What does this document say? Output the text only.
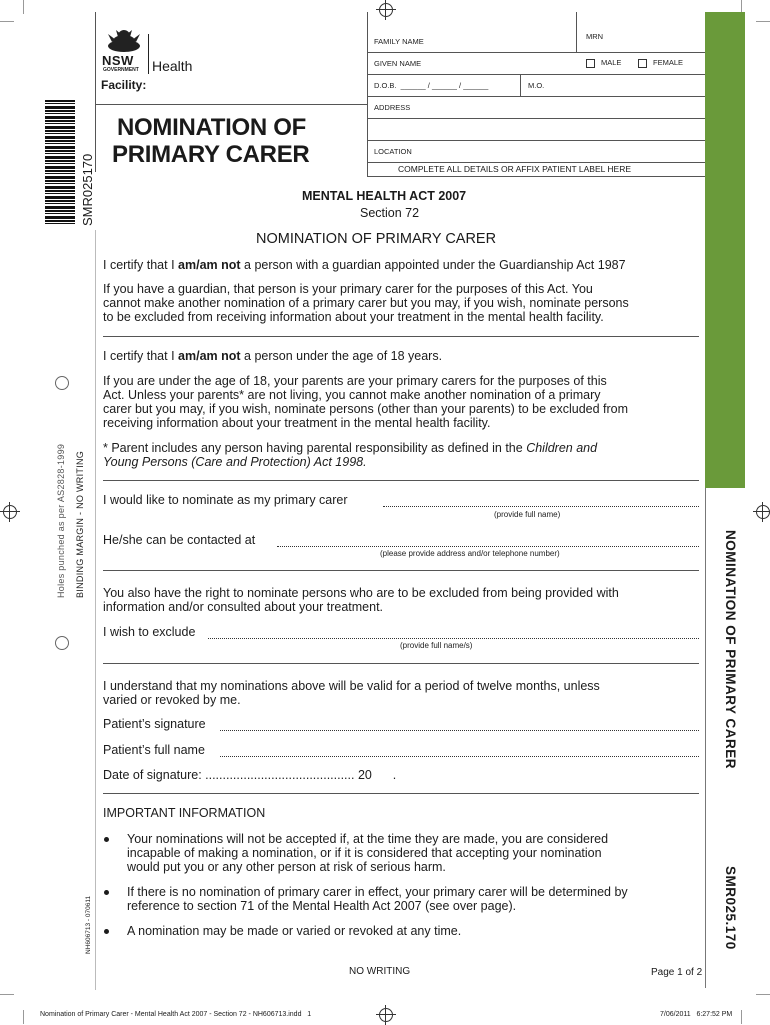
NOMINATION OF PRIMARY CARER
SMR025.170
NSW
GOVERNMENT Health
Facility:
NOMINATION OF
PRIMARY CARER
SMR025170
MRN
FAMILY NAME
GIVEN NAME	MALE	FEMALE
D.O.B.  ______ / ______ / ______	M.O.
ADDRESS
LOCATION
COMPLETE ALL DETAILS OR AFFIX PATIENT LABEL HERE
MENTAL HEALTH ACT 2007
Section 72
NOMINATION OF PRIMARY CARER
I certify that I am/am not a person with a guardian appointed under the Guardianship Act 1987
If you have a guardian, that person is your primary carer for the purposes of this Act. You
cannot make another nomination of a primary carer but you may, if you wish, nominate persons
to be excluded from receiving information about your treatment in the mental health facility.
I certify that I am/am not a person under the age of 18 years.
If you are under the age of 18, your parents are your primary carers for the purposes of this
Act. Unless your parents* are not living, you cannot make another nomination of a primary
carer but you may, if you wish, nominate persons (other than your parents) to be excluded from
receiving information about your treatment in the mental health facility.
* Parent includes any person having parental responsibility as defined in the Children and
Young Persons (Care and Protection) Act 1998.
I would like to nominate as my primary carer
(provide full name)
He/she can be contacted at
(please provide address and/or telephone number)
You also have the right to nominate persons who are to be excluded from being provided with
information and/or consulted about your treatment.
I wish to exclude
(provide full name/s)
I understand that my nominations above will be valid for a period of twelve months, unless
varied or revoked by me.
Patient’s signature
Patient’s full name
Date of signature: ........................................... 20      .
IMPORTANT INFORMATION
Your nominations will not be accepted if, at the time they are made, you are considered
incapable of making a nomination, or if it is considered that accepting your nomination
would put you or any other person at risk of serious harm.
If there is no nomination of primary carer in effect, your primary carer will be determined by
reference to section 71 of the Mental Health Act 2007 (see over page).
A nomination may be made or varied or revoked at any time.
Holes punched as per AS2828-1999 BINDING MARGIN - NO WRITING
NH606713 - 070611
NO WRITING	Page 1 of 2
Nomination of Primary Carer - Mental Health Act 2007 - Section 72 - NH606713.indd   1	7/06/2011   6:27:52 PM
